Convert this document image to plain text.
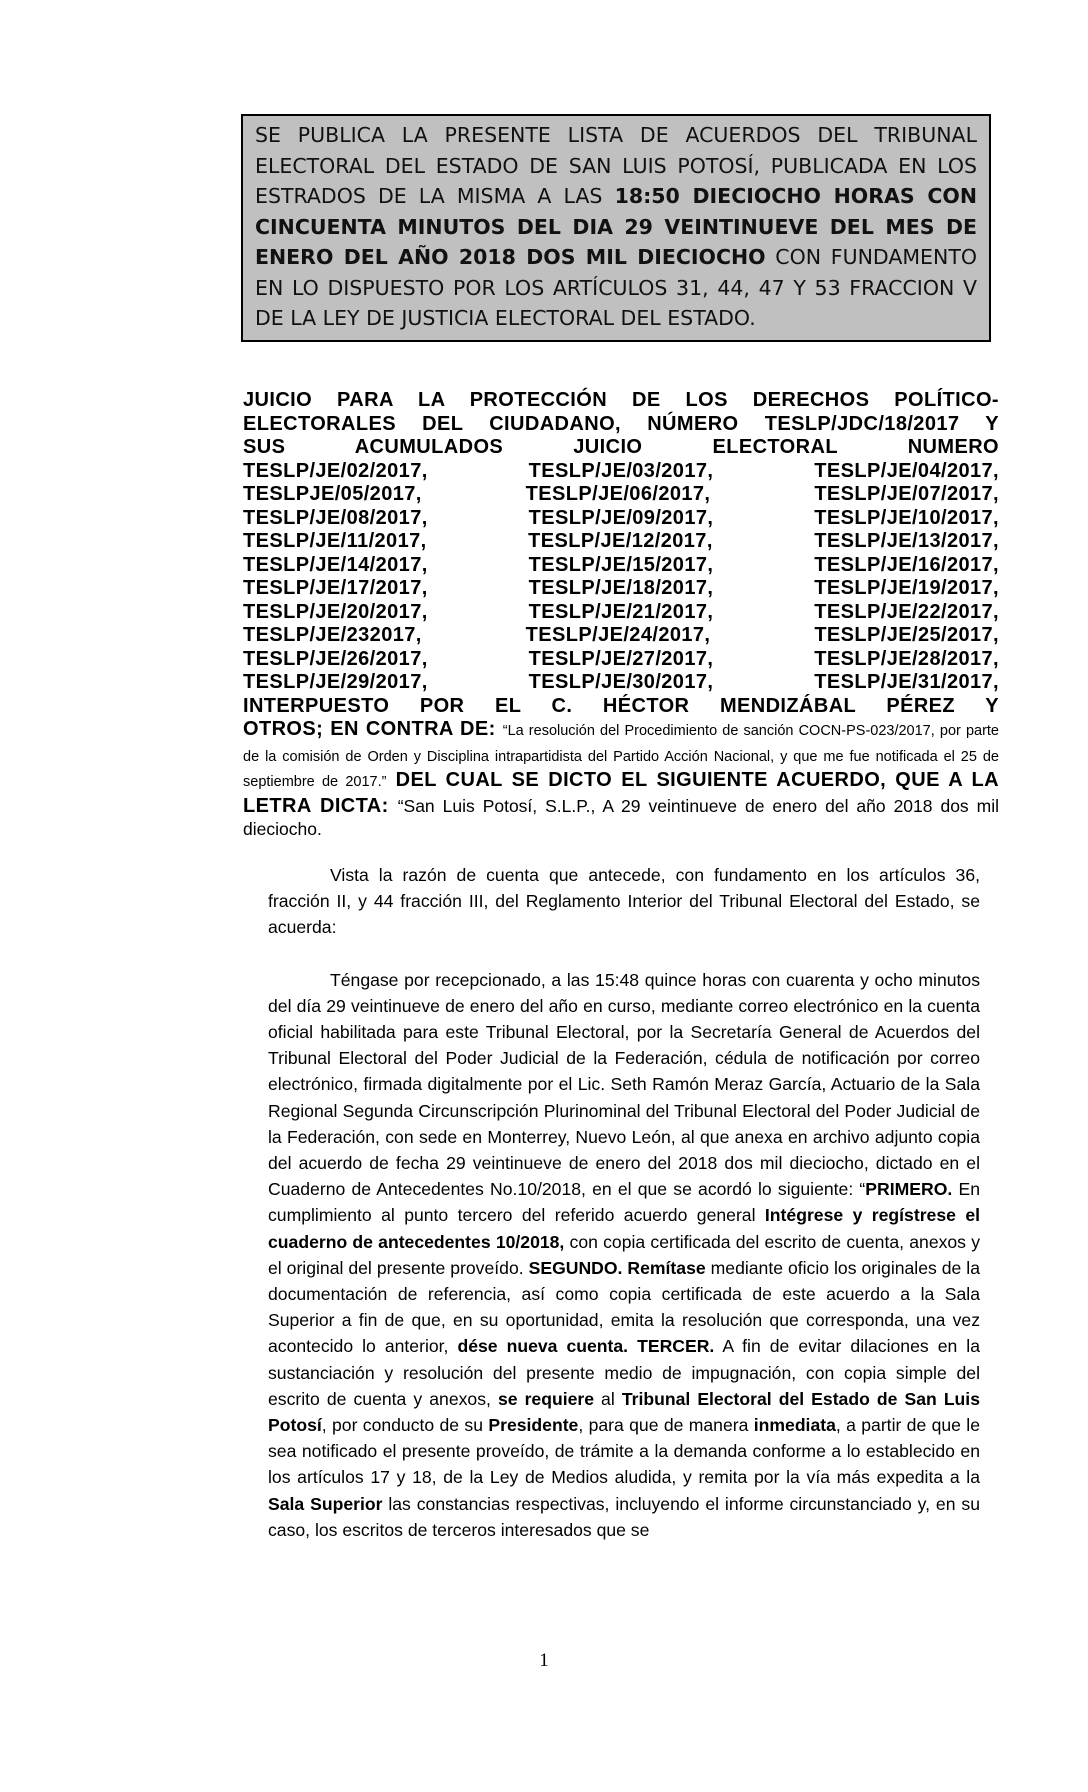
SE PUBLICA LA PRESENTE LISTA DE ACUERDOS DEL TRIBUNAL ELECTORAL DEL ESTADO DE SAN LUIS POTOSÍ, PUBLICADA EN LOS ESTRADOS DE LA MISMA A LAS 18:50 DIECIOCHO HORAS CON CINCUENTA MINUTOS DEL DIA 29 VEINTINUEVE DEL MES DE ENERO DEL AÑO 2018 DOS MIL DIECIOCHO CON FUNDAMENTO EN LO DISPUESTO POR LOS ARTÍCULOS 31, 44, 47 Y 53 FRACCION V DE LA LEY DE JUSTICIA ELECTORAL DEL ESTADO.
JUICIO PARA LA PROTECCIÓN DE LOS DERECHOS POLÍTICO-
ELECTORALES DEL CIUDADANO, NÚMERO TESLP/JDC/18/2017 Y
SUS ACUMULADOS JUICIO ELECTORAL NUMERO
TESLP/JE/02/2017, TESLP/JE/03/2017, TESLP/JE/04/2017,
TESLPJE/05/2017, TESLP/JE/06/2017, TESLP/JE/07/2017,
TESLP/JE/08/2017, TESLP/JE/09/2017, TESLP/JE/10/2017,
TESLP/JE/11/2017, TESLP/JE/12/2017, TESLP/JE/13/2017,
TESLP/JE/14/2017, TESLP/JE/15/2017, TESLP/JE/16/2017,
TESLP/JE/17/2017, TESLP/JE/18/2017, TESLP/JE/19/2017,
TESLP/JE/20/2017, TESLP/JE/21/2017, TESLP/JE/22/2017,
TESLP/JE/232017, TESLP/JE/24/2017, TESLP/JE/25/2017,
TESLP/JE/26/2017, TESLP/JE/27/2017, TESLP/JE/28/2017,
TESLP/JE/29/2017, TESLP/JE/30/2017, TESLP/JE/31/2017,
INTERPUESTO POR EL C. HÉCTOR MENDIZÁBAL PÉREZ Y
OTROS; EN CONTRA DE: “La resolución del Procedimiento de sanción COCN-PS-023/2017, por parte de la comisión de Orden y Disciplina intrapartidista del Partido Acción Nacional, y que me fue notificada el 25 de septiembre de 2017.” DEL CUAL SE DICTO EL SIGUIENTE ACUERDO, QUE A LA LETRA DICTA: “San Luis Potosí, S.L.P., A 29 veintinueve de enero del año 2018 dos mil dieciocho.

Vista la razón de cuenta que antecede, con fundamento en los artículos 36, fracción II, y 44 fracción III, del Reglamento Interior del Tribunal Electoral del Estado, se acuerda:

Téngase por recepcionado, a las 15:48 quince horas con cuarenta y ocho minutos del día 29 veintinueve de enero del año en curso, mediante correo electrónico en la cuenta oficial habilitada para este Tribunal Electoral, por la Secretaría General de Acuerdos del Tribunal Electoral del Poder Judicial de la Federación, cédula de notificación por correo electrónico, firmada digitalmente por el Lic. Seth Ramón Meraz García, Actuario de la Sala Regional Segunda Circunscripción Plurinominal del Tribunal Electoral del Poder Judicial de la Federación, con sede en Monterrey, Nuevo León, al que anexa en archivo adjunto copia del acuerdo de fecha 29 veintinueve de enero del 2018 dos mil dieciocho, dictado en el Cuaderno de Antecedentes No.10/2018, en el que se acordó lo siguiente: “PRIMERO. En cumplimiento al punto tercero del referido acuerdo general Intégrese y regístrese el cuaderno de antecedentes 10/2018, con copia certificada del escrito de cuenta, anexos y el original del presente proveído. SEGUNDO. Remítase mediante oficio los originales de la documentación de referencia, así como copia certificada de este acuerdo a la Sala Superior a fin de que, en su oportunidad, emita la resolución que corresponda, una vez acontecido lo anterior, dése nueva cuenta. TERCER. A fin de evitar dilaciones en la sustanciación y resolución del presente medio de impugnación, con copia simple del escrito de cuenta y anexos, se requiere al Tribunal Electoral del Estado de San Luis Potosí, por conducto de su Presidente, para que de manera inmediata, a partir de que le sea notificado el presente proveído, de trámite a la demanda conforme a lo establecido en los artículos 17 y 18, de la Ley de Medios aludida, y remita por la vía más expedita a la Sala Superior las constancias respectivas, incluyendo el informe circunstanciado y, en su caso, los escritos de terceros interesados que se

1
